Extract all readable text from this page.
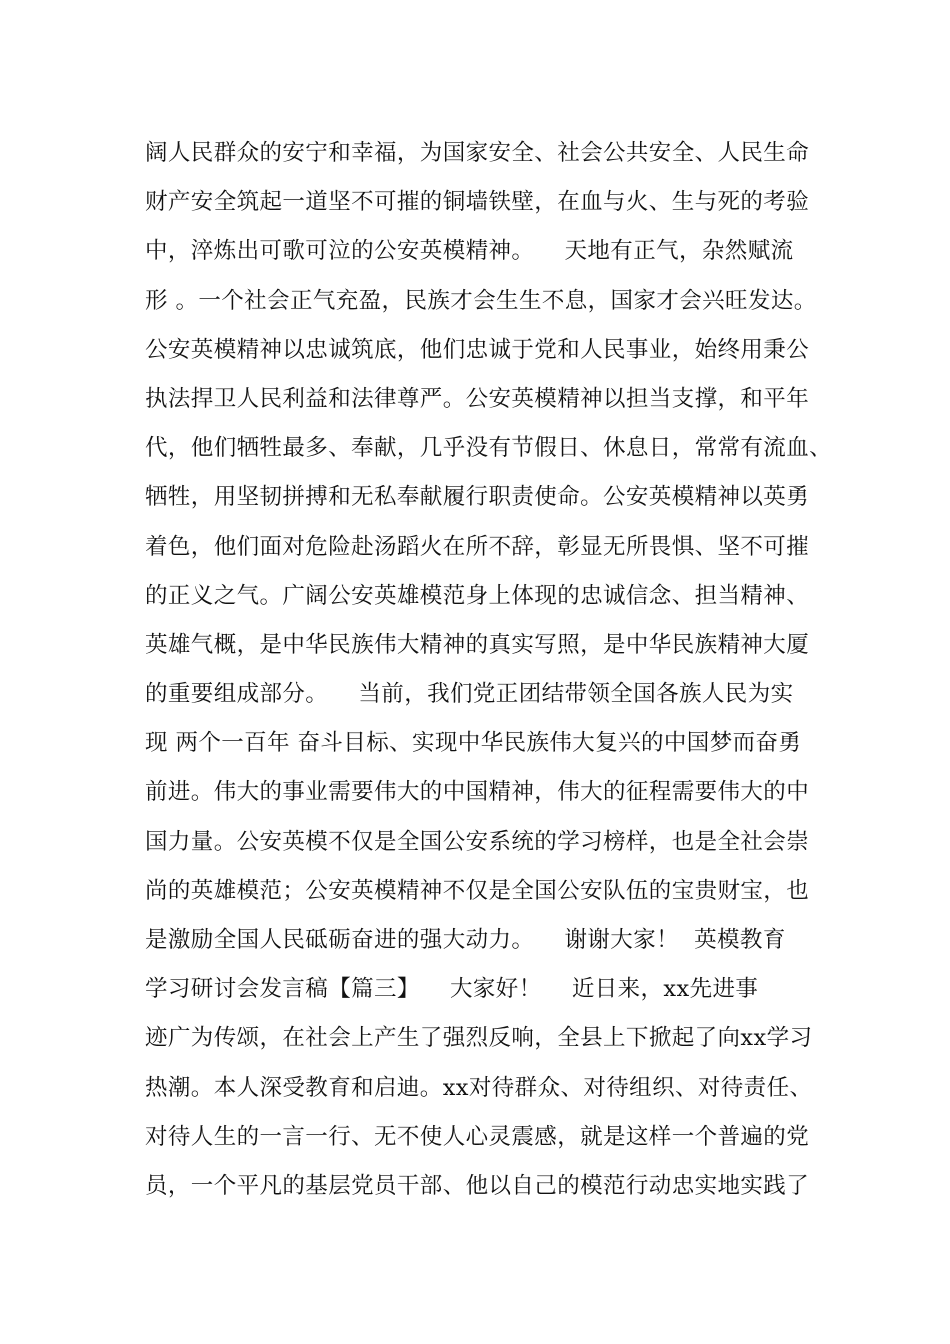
阔人民群众的安宁和幸福，为国家安全、社会公共安全、人民生命
财产安全筑起一道坚不可摧的铜墙铁壁，在血与火、生与死的考验
中，淬炼出可歌可泣的公安英模精神。    天地有正气，杂然赋流
形 。一个社会正气充盈，民族才会生生不息，国家才会兴旺发达。
公安英模精神以忠诚筑底，他们忠诚于党和人民事业，始终用秉公
执法捍卫人民利益和法律尊严。公安英模精神以担当支撑，和平年
代，他们牺牲最多、奉献，几乎没有节假日、休息日，常常有流血、
牺牲，用坚韧拼搏和无私奉献履行职责使命。公安英模精神以英勇
着色，他们面对危险赴汤蹈火在所不辞，彰显无所畏惧、坚不可摧
的正义之气。广阔公安英雄模范身上体现的忠诚信念、担当精神、
英雄气概，是中华民族伟大精神的真实写照，是中华民族精神大厦
的重要组成部分。    当前，我们党正团结带领全国各族人民为实
现 两个一百年 奋斗目标、实现中华民族伟大复兴的中国梦而奋勇
前进。伟大的事业需要伟大的中国精神，伟大的征程需要伟大的中
国力量。公安英模不仅是全国公安系统的学习榜样，也是全社会崇
尚的英雄模范；公安英模精神不仅是全国公安队伍的宝贵财宝，也
是激励全国人民砥砺奋进的强大动力。    谢谢大家！  英模教育
学习研讨会发言稿【篇三】    大家好！    近日来，xx先进事
迹广为传颂，在社会上产生了强烈反响，全县上下掀起了向xx学习
热潮。本人深受教育和启迪。xx对待群众、对待组织、对待责任、
对待人生的一言一行、无不使人心灵震感，就是这样一个普遍的党
员，一个平凡的基层党员干部、他以自己的模范行动忠实地实践了
